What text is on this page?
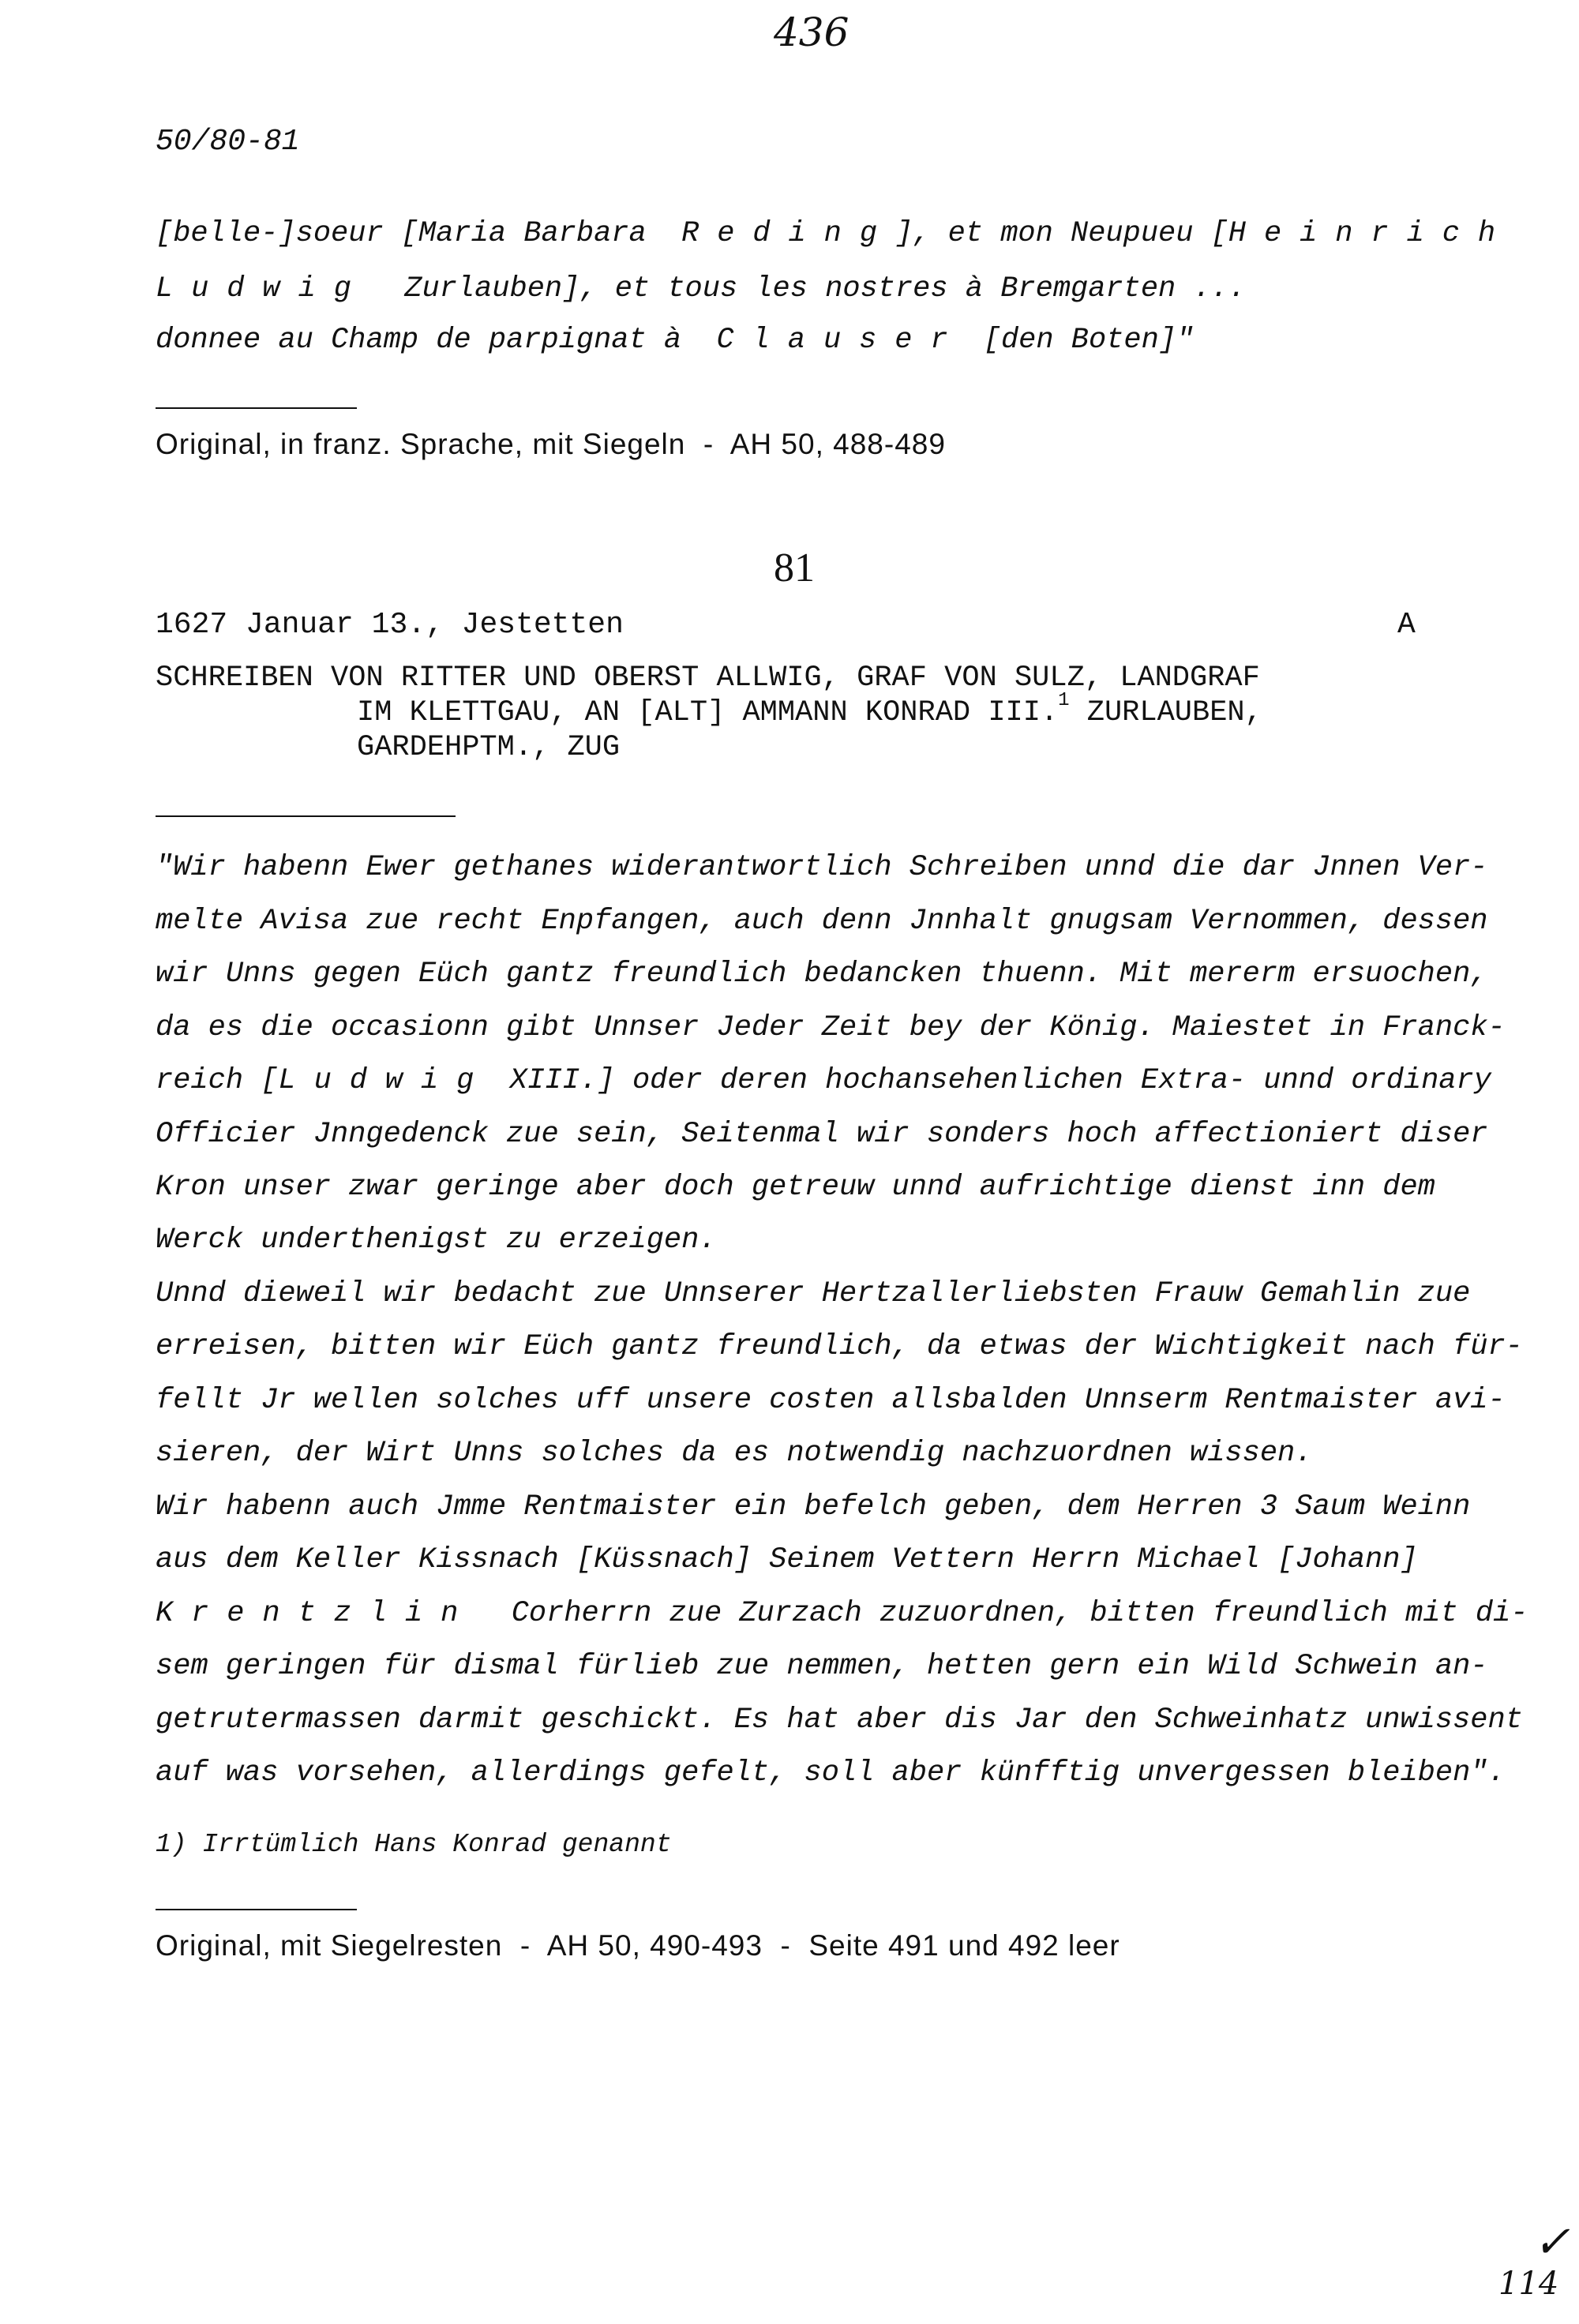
436
50/80-81
[belle-]soeur [Maria Barbara  Reding], et mon Neupueu [Heinrich
Ludwig  Zurlauben], et tous les nostres à Bremgarten ...
donnee au Champ de parpignat à  Clauser [den Boten]"
Original, in franz. Sprache, mit Siegeln  -  AH 50, 488-489
81
1627 Januar 13., Jestetten	A
SCHREIBEN VON RITTER UND OBERST ALLWIG, GRAF VON SULZ, LANDGRAF
IM KLETTGAU, AN [ALT] AMMANN KONRAD III.$^1$ ZURLAUBEN,
GARDEHPTM., ZUG
"Wir habenn Ewer gethanes widerantwortlich Schreiben unnd die dar Jnnen Ver-
melte Avisa zue recht Enpfangen, auch denn Jnnhalt gnugsam Vernommen, dessen
wir Unns gegen Eüch gantz freundlich bedancken thuenn. Mit mererm ersuochen,
da es die occasionn gibt Unnser Jeder Zeit bey der König. Maiestet in Franck-
reich [Ludwig XIII.] oder deren hochansehenlichen Extra- unnd ordinary
Officier Jnngedenck zue sein, Seitenmal wir sonders hoch affectioniert diser
Kron unser zwar geringe aber doch getreuw unnd aufrichtige dienst inn dem
Werck underthenigst zu erzeigen.
Unnd dieweil wir bedacht zue Unnserer Hertzallerliebsten Frauw Gemahlin zue
erreisen, bitten wir Eüch gantz freundlich, da etwas der Wichtigkeit nach für-
fellt Jr wellen solches uff unsere costen allsbalden Unnserm Rentmaister avi-
sieren, der Wirt Unns solches da es notwendig nachzuordnen wissen.
Wir habenn auch Jmme Rentmaister ein befelch geben, dem Herren 3 Saum Weinn
aus dem Keller Kissnach [Küssnach] Seinem Vettern Herrn Michael [Johann]
Krentzlin  Corherrn zue Zurzach zuzuordnen, bitten freundlich mit di-
sem geringen für dismal fürlieb zue nemmen, hetten gern ein Wild Schwein an-
getrutermassen darmit geschickt. Es hat aber dis Jar den Schweinhatz unwissent
auf was vorsehen, allerdings gefelt, soll aber künfftig unvergessen bleiben".
1) Irrtümlich Hans Konrad genannt
Original, mit Siegelresten  -  AH 50, 490-493  -  Seite 491 und 492 leer
✓
114
